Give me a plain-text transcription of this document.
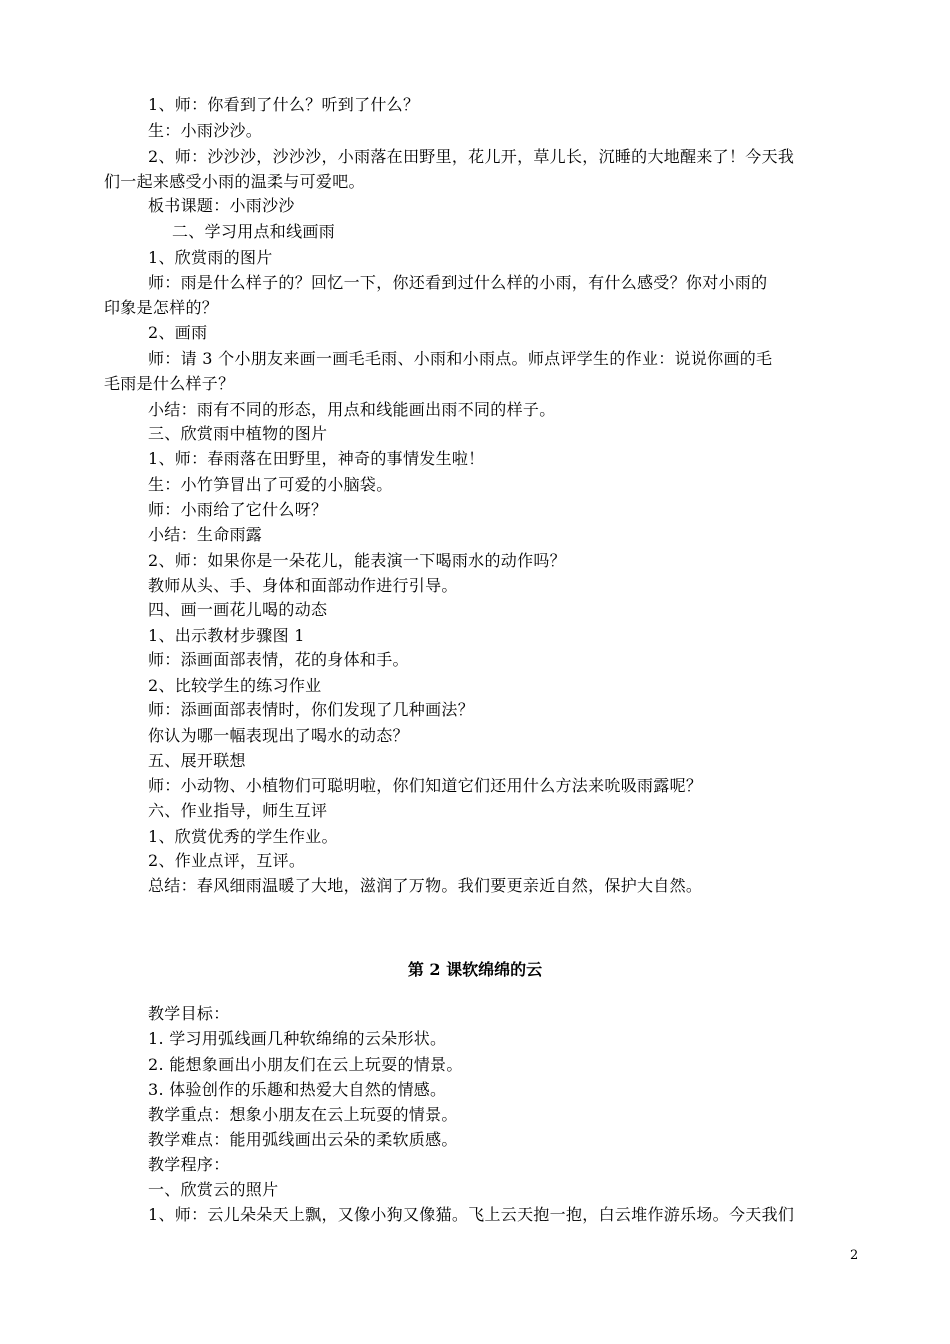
1、师：你看到了什么？听到了什么？
生：小雨沙沙。
2、师：沙沙沙，沙沙沙，小雨落在田野里，花儿开，草儿长，沉睡的大地醒来了！今天我
们一起来感受小雨的温柔与可爱吧。
板书课题：小雨沙沙
二、学习用点和线画雨
1、欣赏雨的图片
师：雨是什么样子的？回忆一下，你还看到过什么样的小雨，有什么感受？你对小雨的
印象是怎样的？
2、画雨
师：请 3 个小朋友来画一画毛毛雨、小雨和小雨点。师点评学生的作业：说说你画的毛
毛雨是什么样子？
小结：雨有不同的形态，用点和线能画出雨不同的样子。
三、欣赏雨中植物的图片
1、师：春雨落在田野里，神奇的事情发生啦！
生：小竹笋冒出了可爱的小脑袋。
师：小雨给了它什么呀？
小结：生命雨露
2、师：如果你是一朵花儿，能表演一下喝雨水的动作吗？
教师从头、手、身体和面部动作进行引导。
四、画一画花儿喝的动态
1、出示教材步骤图 1
师：添画面部表情，花的身体和手。
2、比较学生的练习作业
师：添画面部表情时，你们发现了几种画法？
你认为哪一幅表现出了喝水的动态？
五、展开联想
师：小动物、小植物们可聪明啦，你们知道它们还用什么方法来吮吸雨露呢？
六、作业指导，师生互评
1、欣赏优秀的学生作业。
2、作业点评，互评。
总结：春风细雨温暖了大地，滋润了万物。我们要更亲近自然，保护大自然。
第 2 课软绵绵的云
教学目标：
1. 学习用弧线画几种软绵绵的云朵形状。
2. 能想象画出小朋友们在云上玩耍的情景。
3. 体验创作的乐趣和热爱大自然的情感。
教学重点：想象小朋友在云上玩耍的情景。
教学难点：能用弧线画出云朵的柔软质感。
教学程序：
一、欣赏云的照片
1、师：云儿朵朵天上飘，又像小狗又像猫。飞上云天抱一抱，白云堆作游乐场。今天我们
2
